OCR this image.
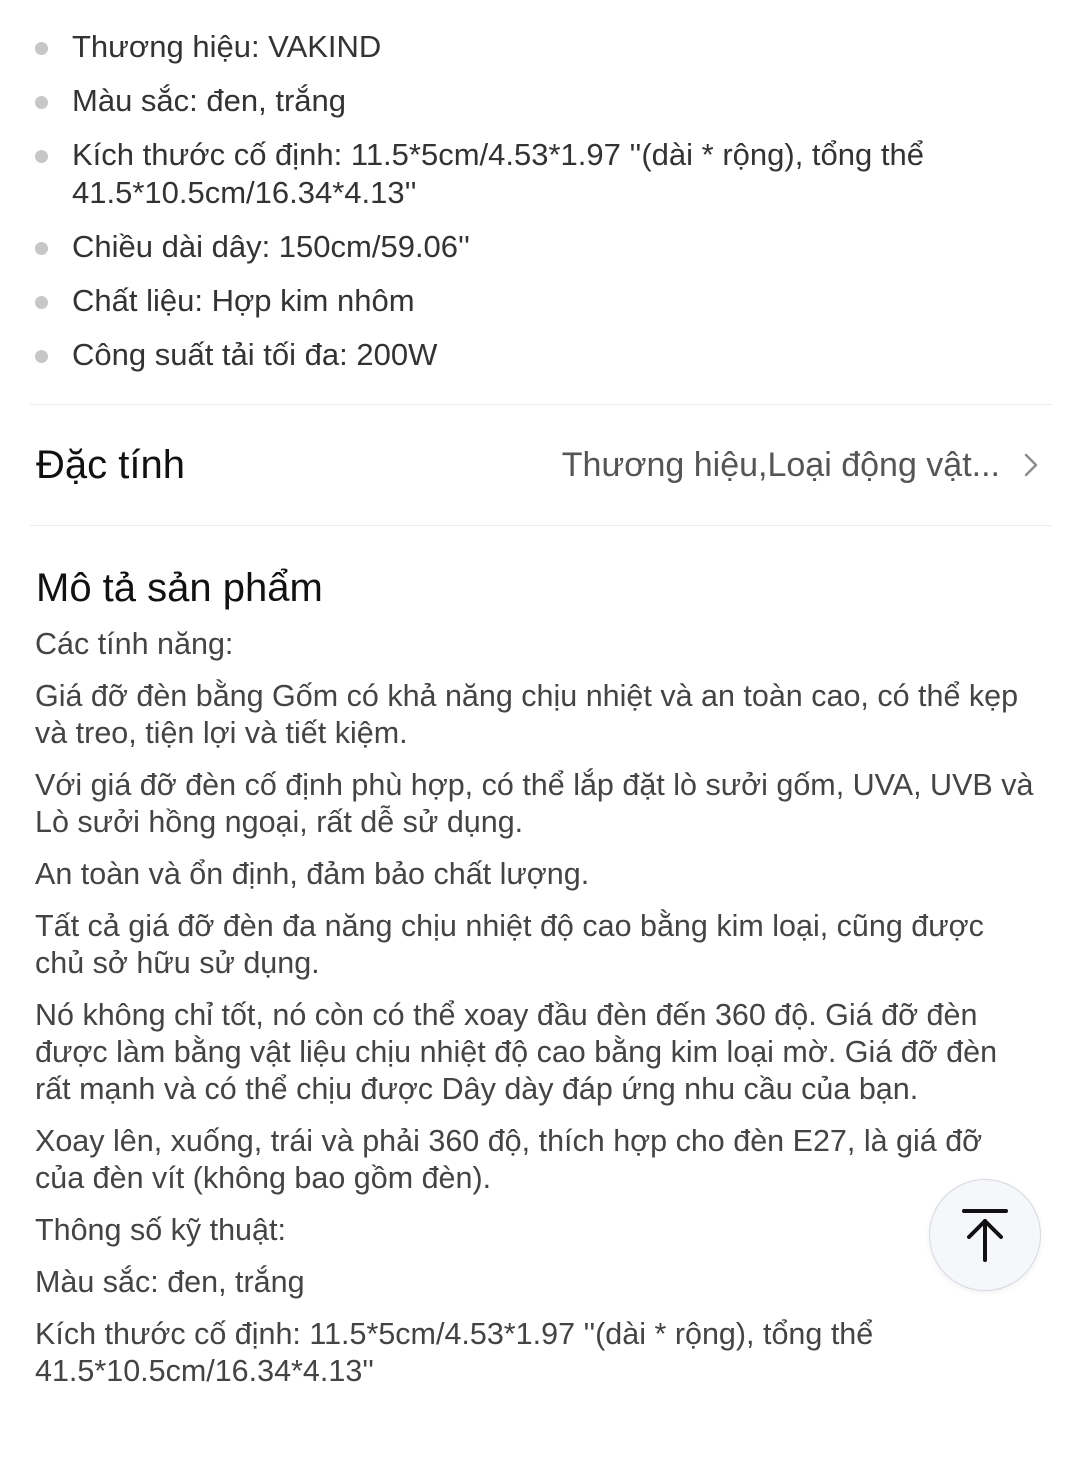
Thương hiệu: VAKIND
Màu sắc: đen, trắng
Kích thước cố định: 11.5*5cm/4.53*1.97 ''(dài * rộng), tổng thể 41.5*10.5cm/16.34*4.13''
Chiều dài dây: 150cm/59.06''
Chất liệu: Hợp kim nhôm
Công suất tải tối đa: 200W
Đặc tính	Thương hiệu,Loại động vật...
Mô tả sản phẩm

Các tính năng:

Giá đỡ đèn bằng Gốm có khả năng chịu nhiệt và an toàn cao, có thể kẹp và treo, tiện lợi và tiết kiệm.

Với giá đỡ đèn cố định phù hợp, có thể lắp đặt lò sưởi gốm, UVA, UVB và Lò sưởi hồng ngoại, rất dễ sử dụng.

An toàn và ổn định, đảm bảo chất lượng.

Tất cả giá đỡ đèn đa năng chịu nhiệt độ cao bằng kim loại, cũng được chủ sở hữu sử dụng.

Nó không chỉ tốt, nó còn có thể xoay đầu đèn đến 360 độ. Giá đỡ đèn được làm bằng vật liệu chịu nhiệt độ cao bằng kim loại mờ. Giá đỡ đèn rất mạnh và có thể chịu được Dây dày đáp ứng nhu cầu của bạn.

Xoay lên, xuống, trái và phải 360 độ, thích hợp cho đèn E27, là giá đỡ của đèn vít (không bao gồm đèn).

Thông số kỹ thuật:

Màu sắc: đen, trắng

Kích thước cố định: 11.5*5cm/4.53*1.97 ''(dài * rộng), tổng thể 41.5*10.5cm/16.34*4.13''
